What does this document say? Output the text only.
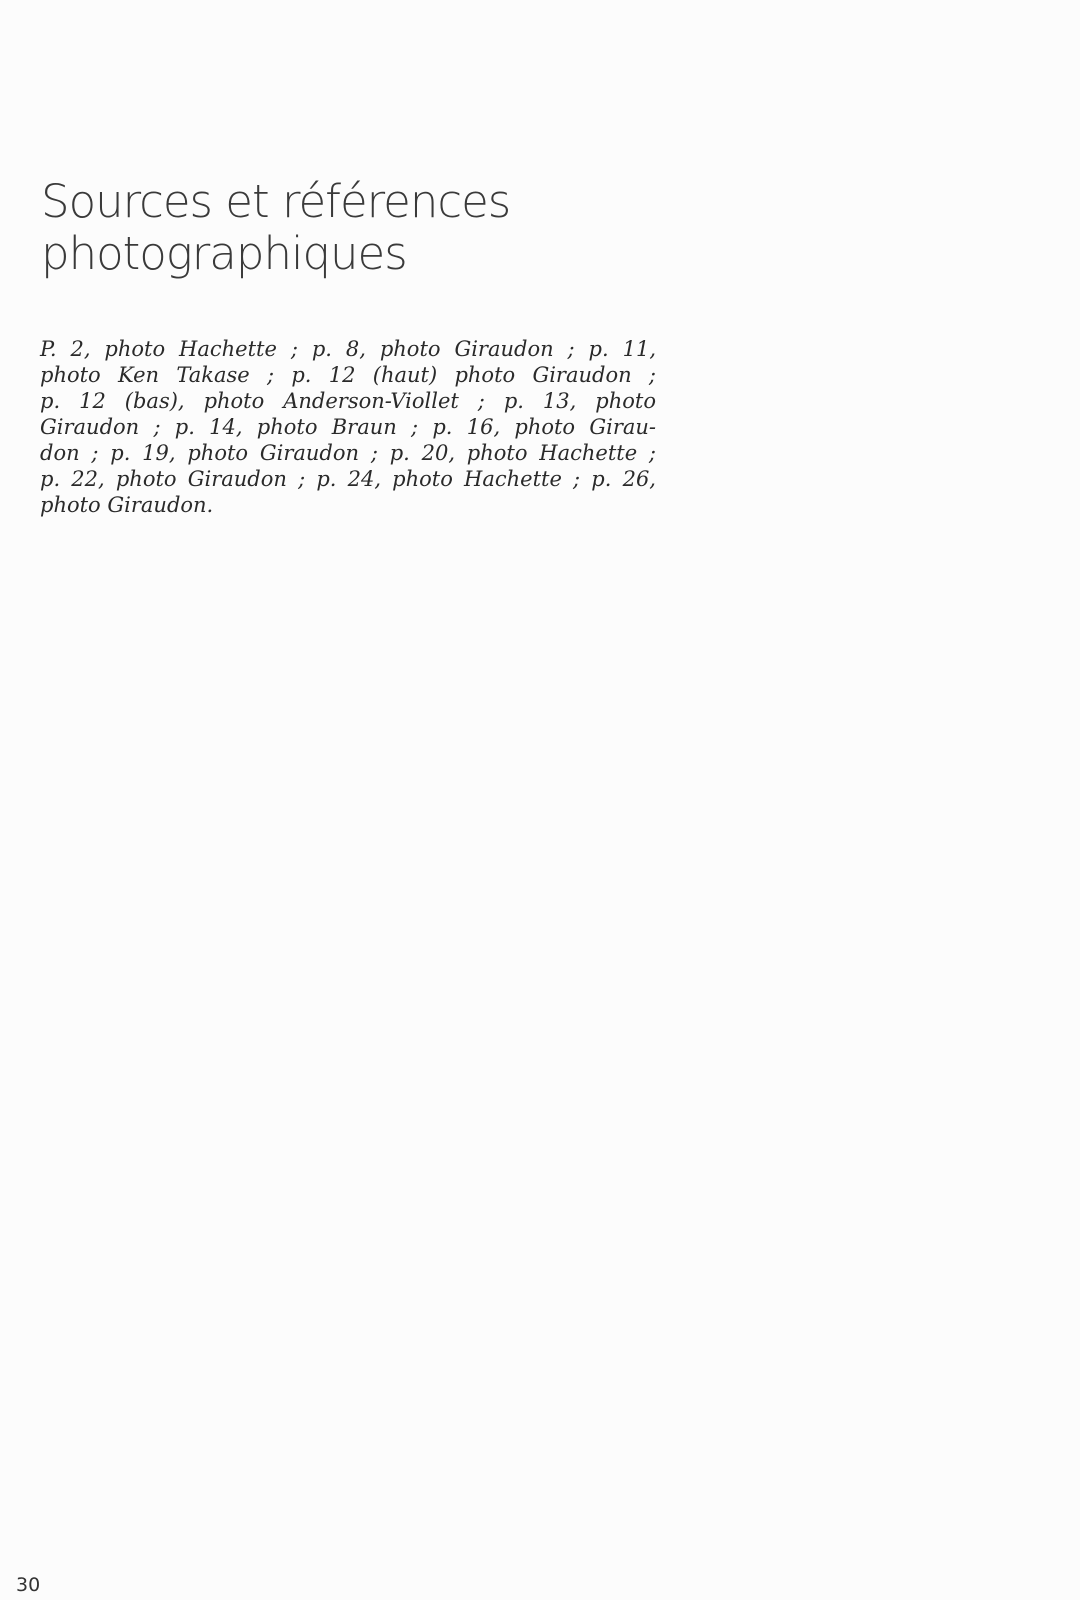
Sources et références
photographiques
P. 2, photo Hachette ; p. 8, photo Giraudon ; p. 11,
photo Ken Takase ; p. 12 (haut) photo Giraudon ;
p. 12 (bas), photo Anderson-Viollet ; p. 13, photo
Giraudon ; p. 14, photo Braun ; p. 16, photo Girau-
don ; p. 19, photo Giraudon ; p. 20, photo Hachette ;
p. 22, photo Giraudon ; p. 24, photo Hachette ; p. 26,
photo Giraudon.
30
